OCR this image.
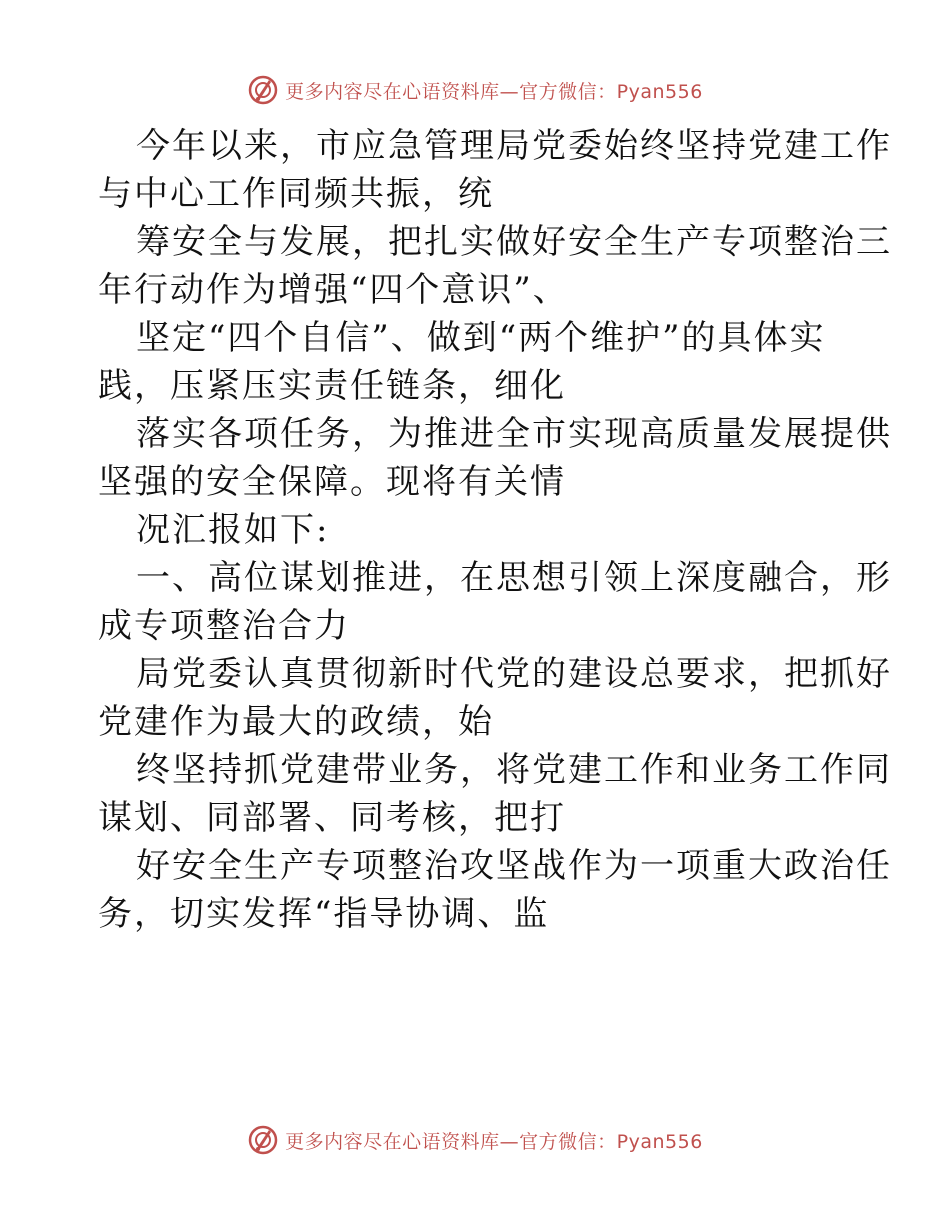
更多内容尽在心语资料库—官方微信：Pyan556

今年以来，市应急管理局党委始终坚持党建工作

与中心工作同频共振，统

筹安全与发展，把扎实做好安全生产专项整治三

年行动作为增强“四个意识”、

坚定“四个自信”、做到“两个维护”的具体实

践，压紧压实责任链条，细化

落实各项任务，为推进全市实现高质量发展提供

坚强的安全保障。现将有关情

况汇报如下:

一、高位谋划推进，在思想引领上深度融合，形

成专项整治合力

局党委认真贯彻新时代党的建设总要求，把抓好

党建作为最大的政绩，始

终坚持抓党建带业务，将党建工作和业务工作同

谋划、同部署、同考核，把打

好安全生产专项整治攻坚战作为一项重大政治任

务，切实发挥“指导协调、监

更多内容尽在心语资料库—官方微信：Pyan556
